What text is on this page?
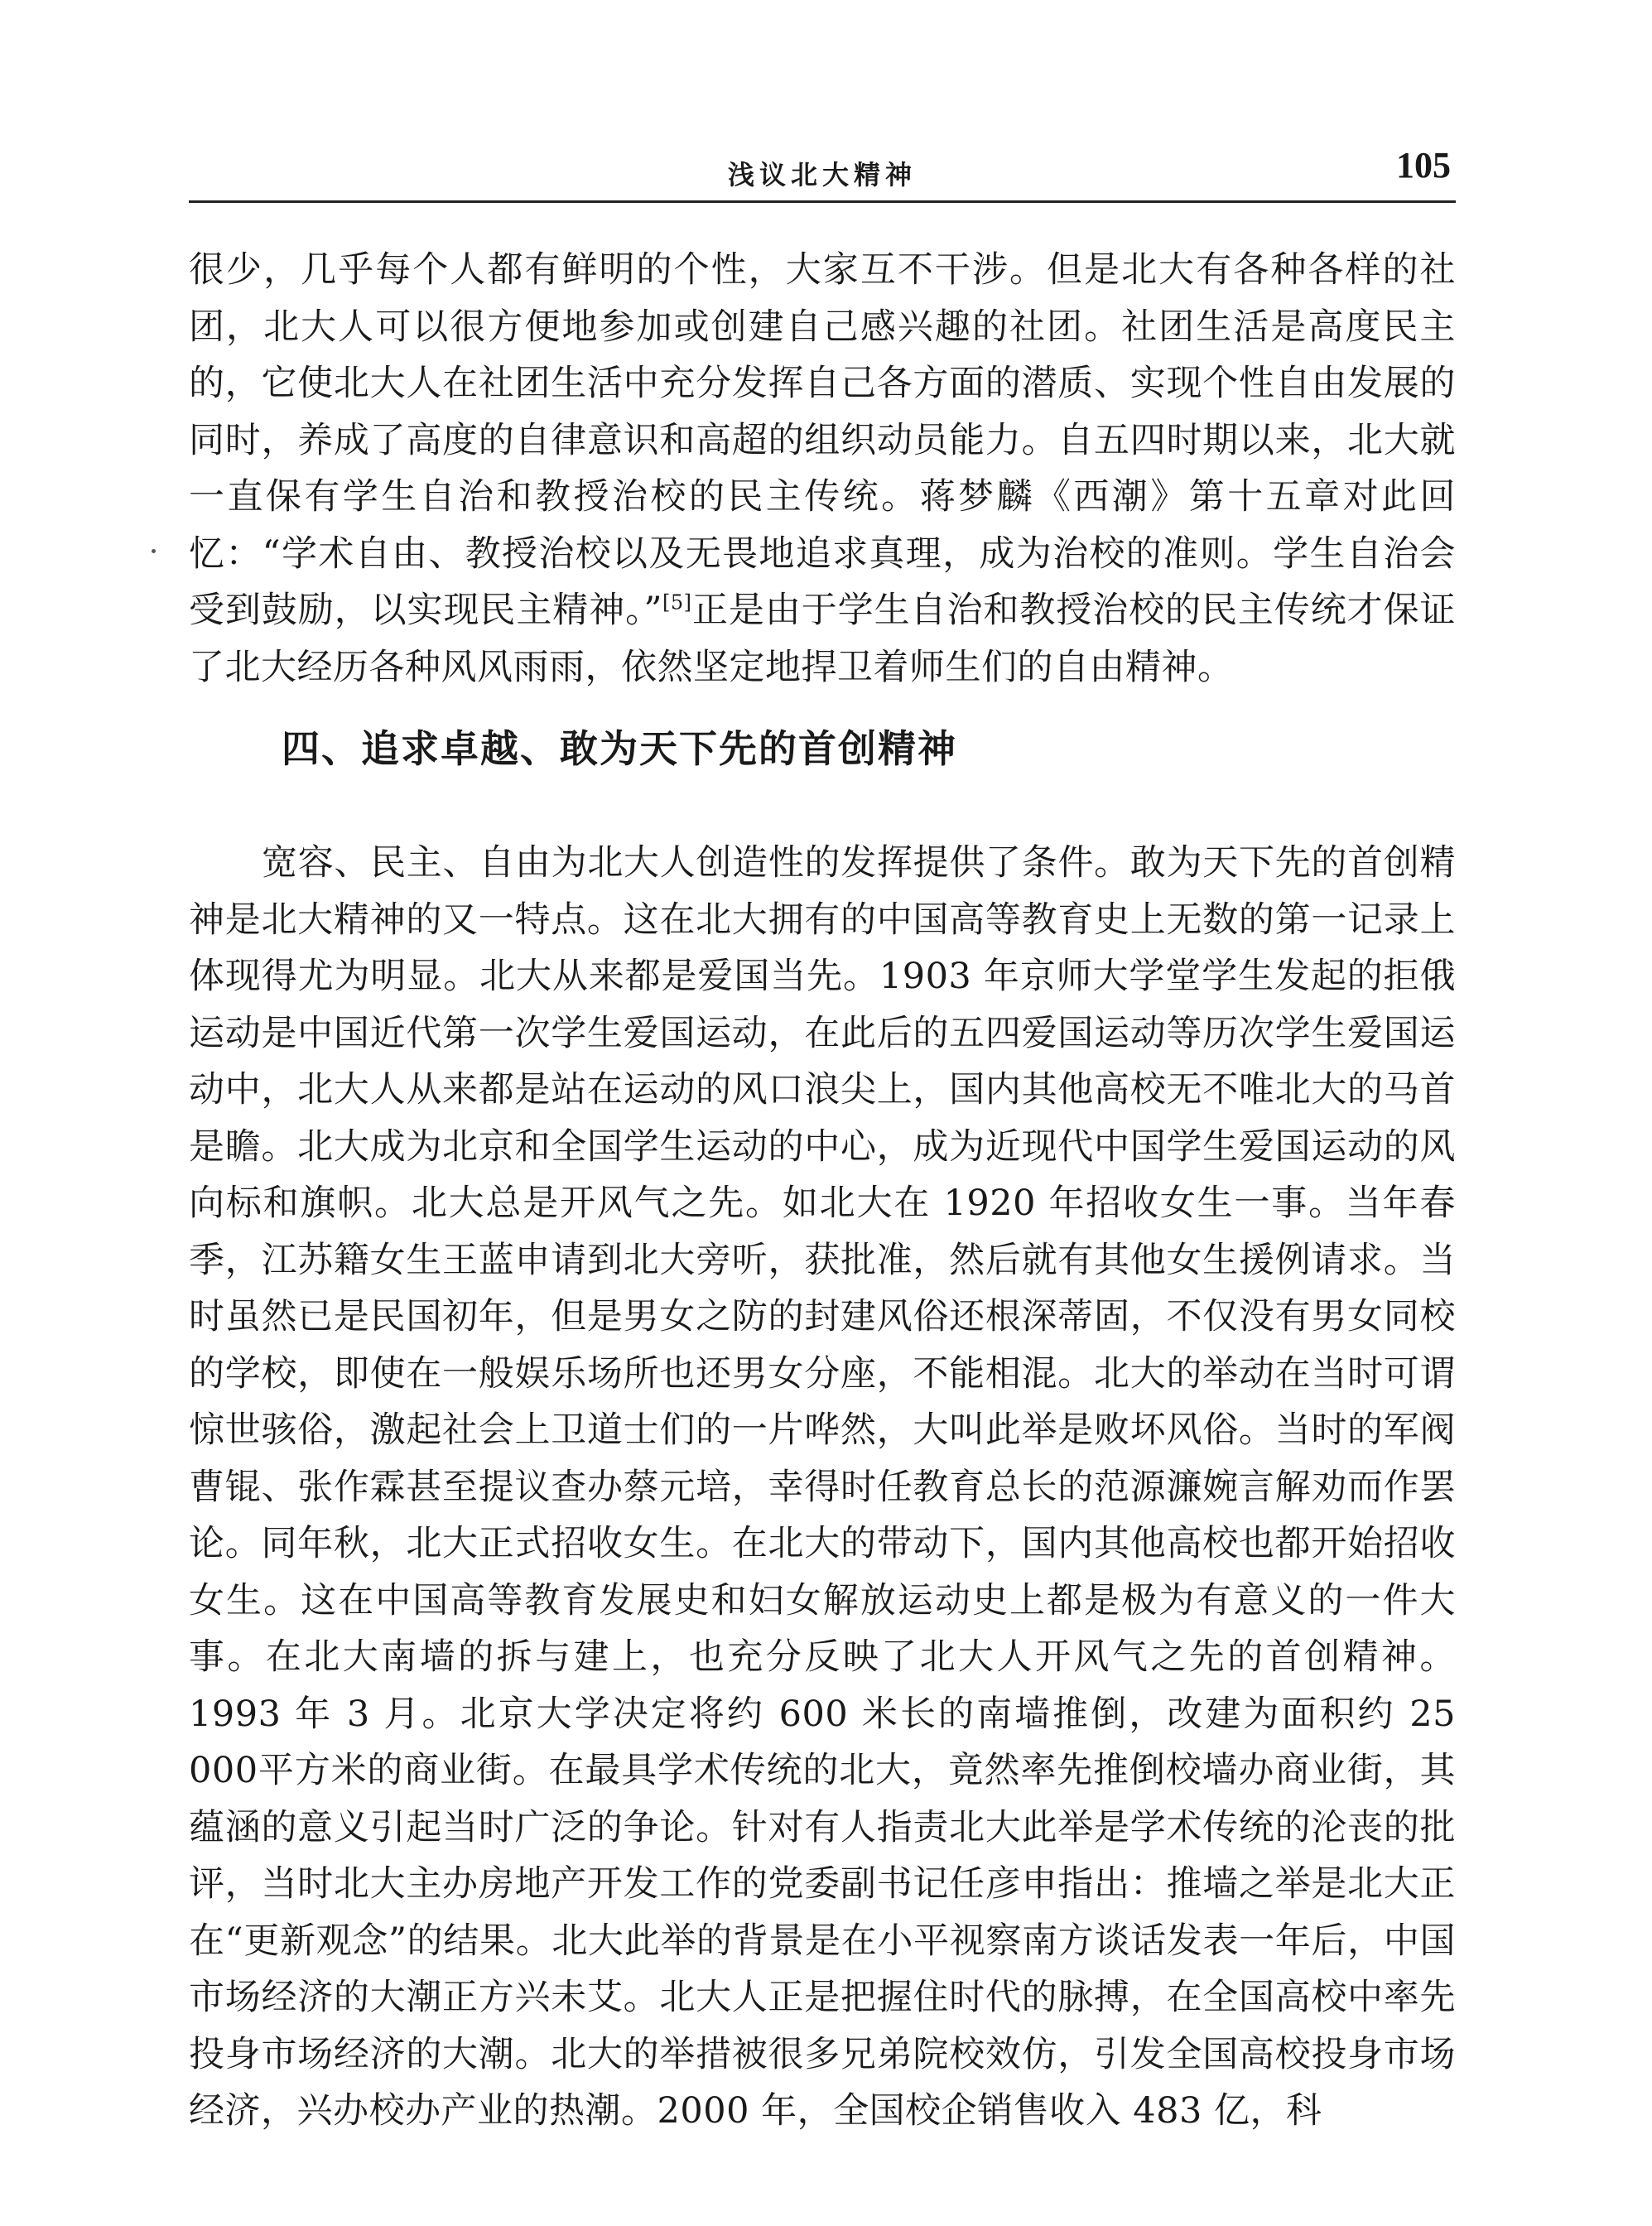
浅议北大精神	105

很少，几乎每个人都有鲜明的个性，大家互不干涉。但是北大有各种各样的社团，北大人可以很方便地参加或创建自己感兴趣的社团。社团生活是高度民主的，它使北大人在社团生活中充分发挥自己各方面的潜质、实现个性自由发展的同时，养成了高度的自律意识和高超的组织动员能力。自五四时期以来，北大就一直保有学生自治和教授治校的民主传统。蒋梦麟《西潮》第十五章对此回忆：“学术自由、教授治校以及无畏地追求真理，成为治校的准则。学生自治会受到鼓励，以实现民主精神。”[5]正是由于学生自治和教授治校的民主传统才保证了北大经历各种风风雨雨，依然坚定地捍卫着师生们的自由精神。

四、追求卓越、敢为天下先的首创精神

宽容、民主、自由为北大人创造性的发挥提供了条件。敢为天下先的首创精神是北大精神的又一特点。这在北大拥有的中国高等教育史上无数的第一记录上体现得尤为明显。北大从来都是爱国当先。1903 年京师大学堂学生发起的拒俄运动是中国近代第一次学生爱国运动，在此后的五四爱国运动等历次学生爱国运动中，北大人从来都是站在运动的风口浪尖上，国内其他高校无不唯北大的马首是瞻。北大成为北京和全国学生运动的中心，成为近现代中国学生爱国运动的风向标和旗帜。北大总是开风气之先。如北大在 1920 年招收女生一事。当年春季，江苏籍女生王蓝申请到北大旁听，获批准，然后就有其他女生援例请求。当时虽然已是民国初年，但是男女之防的封建风俗还根深蒂固，不仅没有男女同校的学校，即使在一般娱乐场所也还男女分座，不能相混。北大的举动在当时可谓惊世骇俗，激起社会上卫道士们的一片哗然，大叫此举是败坏风俗。当时的军阀曹锟、张作霖甚至提议查办蔡元培，幸得时任教育总长的范源濂婉言解劝而作罢论。同年秋，北大正式招收女生。在北大的带动下，国内其他高校也都开始招收女生。这在中国高等教育发展史和妇女解放运动史上都是极为有意义的一件大事。在北大南墙的拆与建上，也充分反映了北大人开风气之先的首创精神。1993 年 3 月。北京大学决定将约 600 米长的南墙推倒，改建为面积约 25 000平方米的商业街。在最具学术传统的北大，竟然率先推倒校墙办商业街，其蕴涵的意义引起当时广泛的争论。针对有人指责北大此举是学术传统的沦丧的批评，当时北大主办房地产开发工作的党委副书记任彦申指出：推墙之举是北大正在“更新观念”的结果。北大此举的背景是在小平视察南方谈话发表一年后，中国市场经济的大潮正方兴未艾。北大人正是把握住时代的脉搏，在全国高校中率先投身市场经济的大潮。北大的举措被很多兄弟院校效仿，引发全国高校投身市场经济，兴办校办产业的热潮。2000 年，全国校企销售收入 483 亿，科
